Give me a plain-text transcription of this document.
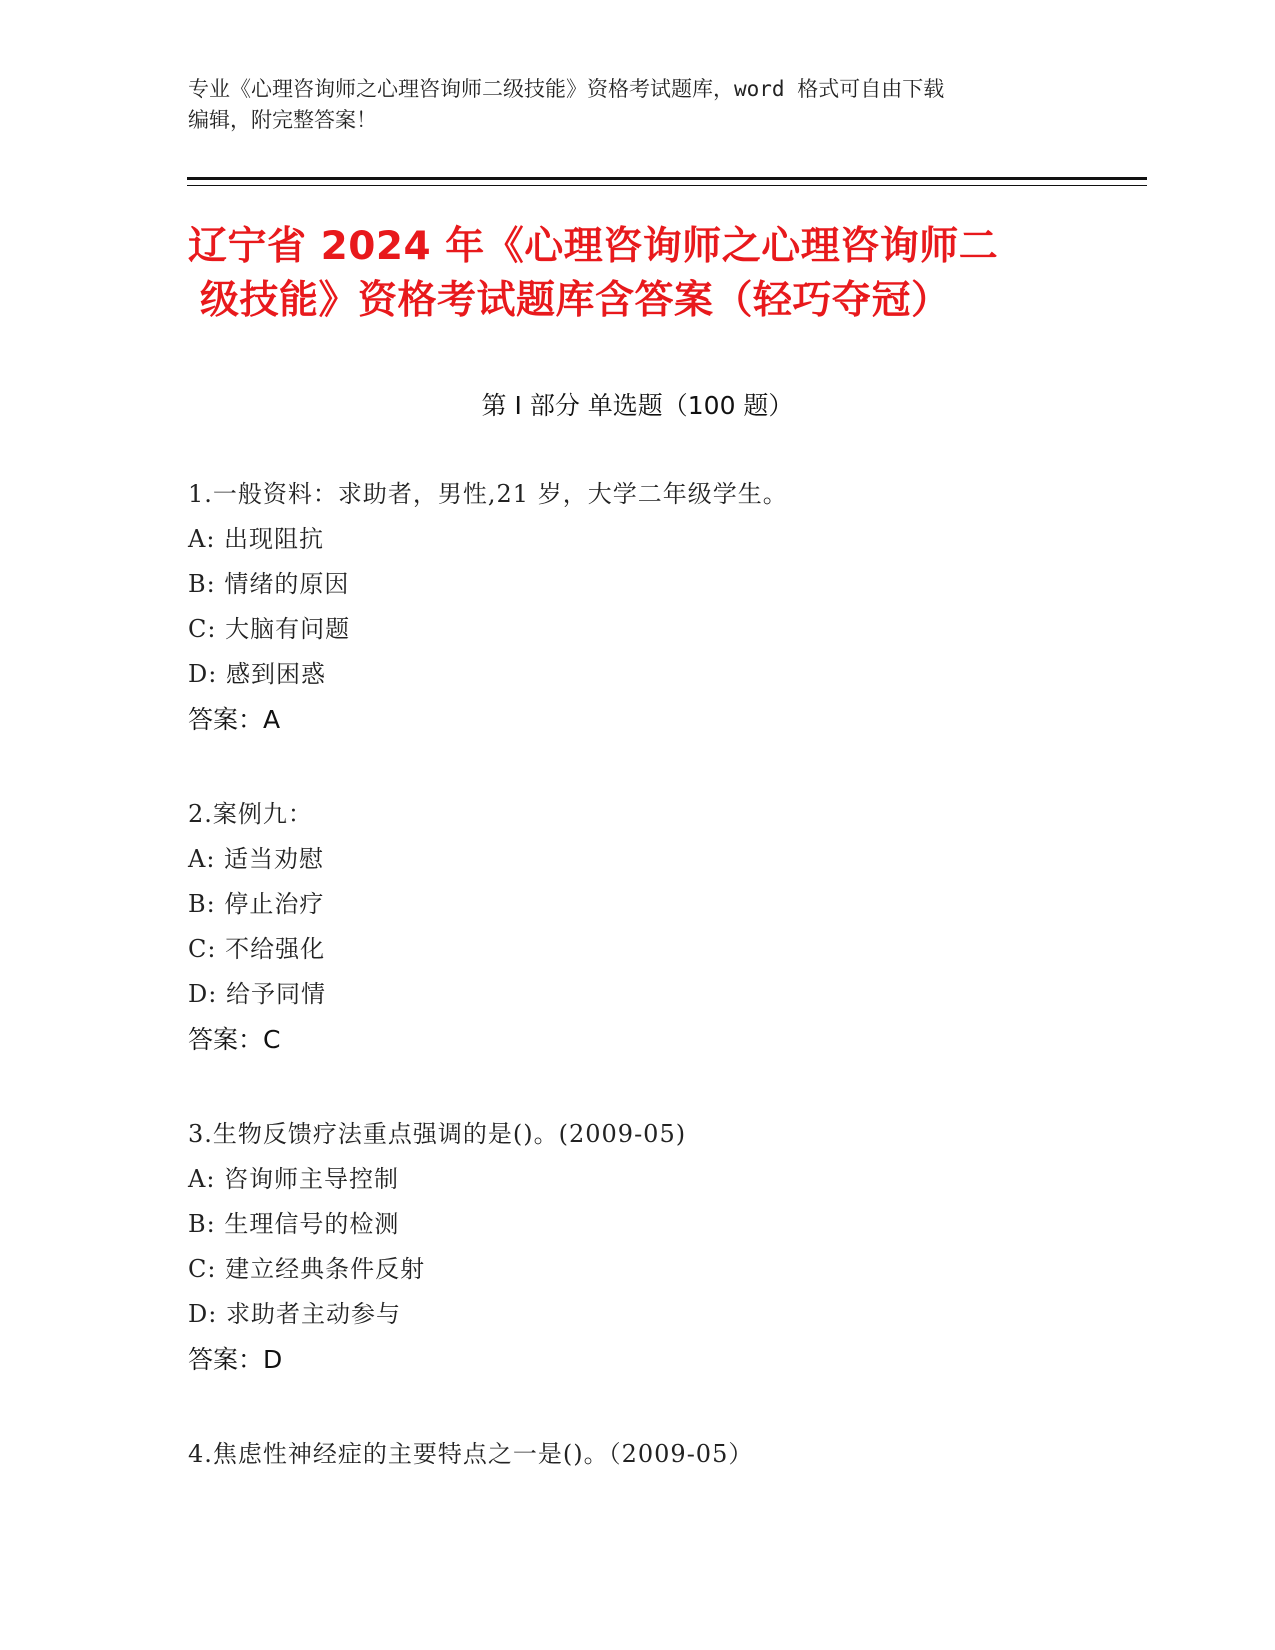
专业《心理咨询师之心理咨询师二级技能》资格考试题库，word 格式可自由下载
编辑，附完整答案！
辽宁省 2024 年《心理咨询师之心理咨询师二
级技能》资格考试题库含答案（轻巧夺冠）
第 I 部分 单选题（100 题）
1.一般资料：求助者，男性,21 岁，大学二年级学生。
A: 出现阻抗
B: 情绪的原因
C: 大脑有问题
D: 感到困惑
答案：A
2.案例九：
A: 适当劝慰
B: 停止治疗
C: 不给强化
D: 给予同情
答案：C
3.生物反馈疗法重点强调的是()。(2009-05)
A: 咨询师主导控制
B: 生理信号的检测
C: 建立经典条件反射
D: 求助者主动参与
答案：D
4.焦虑性神经症的主要特点之一是()。（2009-05）
